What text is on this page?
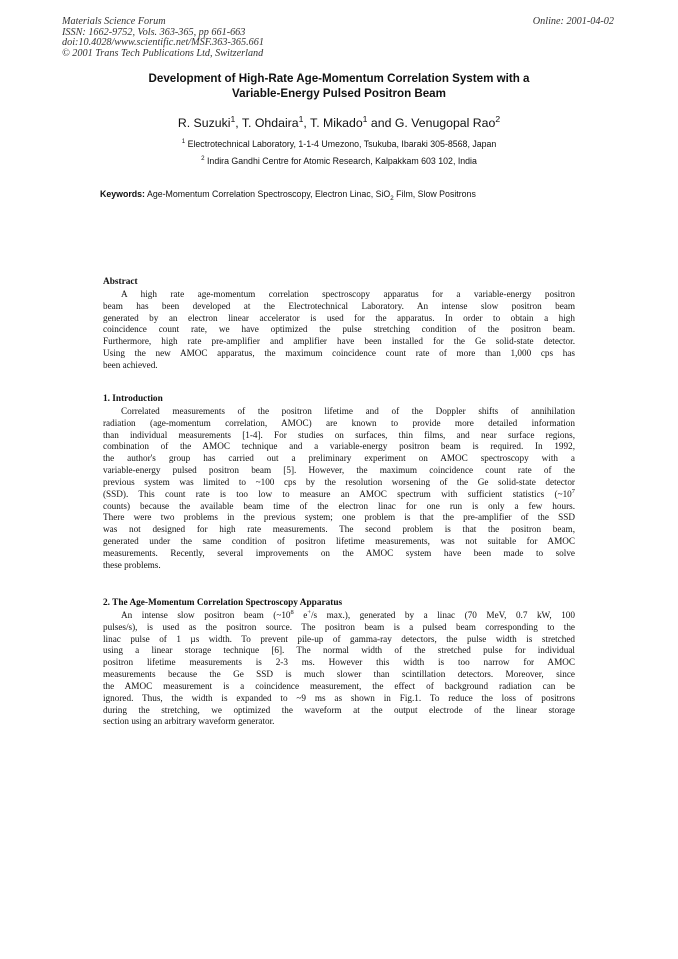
Materials Science Forum
ISSN: 1662-9752, Vols. 363-365, pp 661-663
doi:10.4028/www.scientific.net/MSF.363-365.661
© 2001 Trans Tech Publications Ltd, Switzerland
Online: 2001-04-02
Development of High-Rate Age-Momentum Correlation System with a
Variable-Energy Pulsed Positron Beam
R. Suzuki$^1$, T. Ohdaira$^1$, T. Mikado$^1$ and G. Venugopal Rao$^2$
$^1$ Electrotechnical Laboratory, 1-1-4 Umezono, Tsukuba, Ibaraki 305-8568, Japan
$^2$ Indira Gandhi Centre for Atomic Research, Kalpakkam 603 102, India
Keywords: Age-Momentum Correlation Spectroscopy, Electron Linac, SiO$_2$ Film, Slow Positrons
Abstract

A high rate age-momentum correlation spectroscopy apparatus for a variable-energy positron

beam has been developed at the Electrotechnical Laboratory. An intense slow positron beam

generated by an electron linear accelerator is used for the apparatus. In order to obtain a high

coincidence count rate, we have optimized the pulse stretching condition of the positron beam.

Furthermore, high rate pre-amplifier and amplifier have been installed for the Ge solid-state detector.

Using the new AMOC apparatus, the maximum coincidence count rate of more than 1,000 cps has

been achieved.

1. Introduction

Correlated measurements of the positron lifetime and of the Doppler shifts of annihilation

radiation (age-momentum correlation, AMOC) are known to provide more detailed information

than individual measurements [1-4]. For studies on surfaces, thin films, and near surface regions,

combination of the AMOC technique and a variable-energy positron beam is required. In 1992,

the author's group has carried out a preliminary experiment on AMOC spectroscopy with a

variable-energy pulsed positron beam [5]. However, the maximum coincidence count rate of the

previous system was limited to ~100 cps by the resolution worsening of the Ge solid-state detector

(SSD). This count rate is too low to measure an AMOC spectrum with sufficient statistics ($\sim 10^7$

counts) because the available beam time of the electron linac for one run is only a few hours.

There were two problems in the previous system; one problem is that the pre-amplifier of the SSD

was not designed for high rate measurements. The second problem is that the positron beam,

generated under the same condition of positron lifetime measurements, was not suitable for AMOC

measurements. Recently, several improvements on the AMOC system have been made to solve

these problems.

2. The Age-Momentum Correlation Spectroscopy Apparatus

An intense slow positron beam ($\sim 10^8$ e+/s max.), generated by a linac (70 MeV, 0.7 kW, 100

pulses/s), is used as the positron source. The positron beam is a pulsed beam corresponding to the

linac pulse of 1 µs width. To prevent pile-up of gamma-ray detectors, the pulse width is stretched

using a linear storage technique [6]. The normal width of the stretched pulse for individual

positron lifetime measurements is 2-3 ms. However this width is too narrow for AMOC

measurements because the Ge SSD is much slower than scintillation detectors. Moreover, since

the AMOC measurement is a coincidence measurement, the effect of background radiation can be

ignored. Thus, the width is expanded to ~9 ms as shown in Fig.1. To reduce the loss of positrons

during the stretching, we optimized the waveform at the output electrode of the linear storage

section using an arbitrary waveform generator.
